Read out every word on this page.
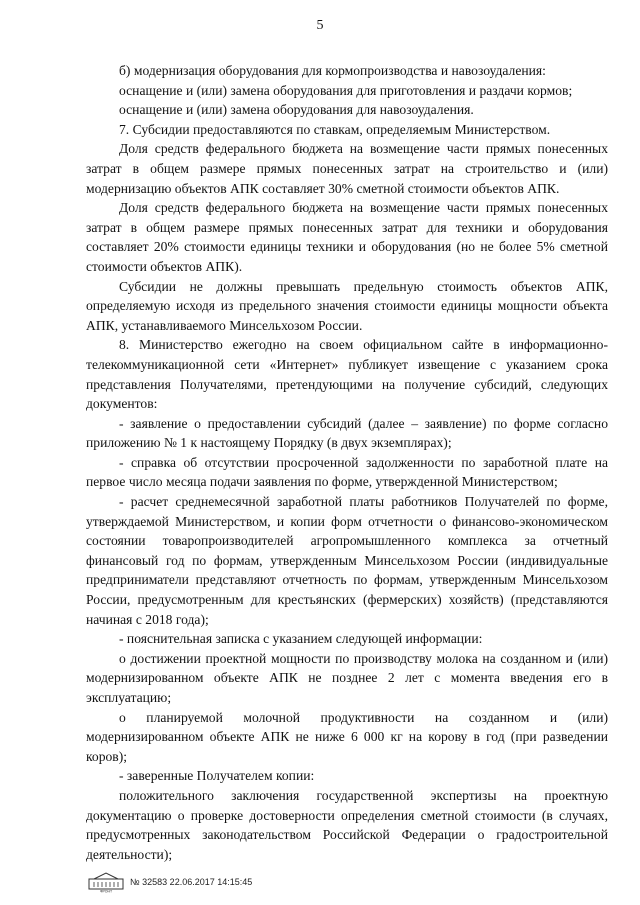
5

б) модернизация оборудования для кормопроизводства и навозоудаления:

оснащение и (или) замена оборудования для приготовления и раздачи кормов;

оснащение и (или) замена оборудования для навозоудаления.

7. Субсидии предоставляются по ставкам, определяемым Министерством.

Доля средств федерального бюджета на возмещение части прямых понесенных затрат в общем размере прямых понесенных затрат на строительство и (или) модернизацию объектов АПК составляет 30% сметной стоимости объектов АПК.

Доля средств федерального бюджета на возмещение части прямых понесенных затрат в общем размере прямых понесенных затрат для техники и оборудования составляет 20% стоимости единицы техники и оборудования (но не более 5% сметной стоимости объектов АПК).

Субсидии не должны превышать предельную стоимость объектов АПК, определяемую исходя из предельного значения стоимости единицы мощности объекта АПК, устанавливаемого Минсельхозом России.

8. Министерство ежегодно на своем официальном сайте в информационно-телекоммуникационной сети «Интернет» публикует извещение с указанием срока представления Получателями, претендующими на получение субсидий, следующих документов:

- заявление о предоставлении субсидий (далее – заявление) по форме согласно приложению № 1 к настоящему Порядку (в двух экземплярах);

- справка об отсутствии просроченной задолженности по заработной плате на первое число месяца подачи заявления по форме, утвержденной Министерством;

- расчет среднемесячной заработной платы работников Получателей по форме, утверждаемой Министерством, и копии форм отчетности о финансово-экономическом состоянии товаропроизводителей агропромышленного комплекса за отчетный финансовый год по формам, утвержденным Минсельхозом России (индивидуальные предприниматели представляют отчетность по формам, утвержденным Минсельхозом России, предусмотренным для крестьянских (фермерских) хозяйств) (представляются начиная с 2018 года);

- пояснительная записка с указанием следующей информации:

о достижении проектной мощности по производству молока на созданном и (или) модернизированном объекте АПК не позднее 2 лет с момента введения его в эксплуатацию;

о планируемой молочной продуктивности на созданном и (или) модернизированном объекте АПК не ниже 6 000 кг на корову в год (при разведении коров);

- заверенные Получателем копии:

положительного заключения государственной экспертизы на проектную документацию о проверке достоверности определения сметной стоимости (в случаях, предусмотренных законодательством Российской Федерации о градостроительной деятельности);

ФРОНТ
№ 32583 22.06.2017 14:15:45
